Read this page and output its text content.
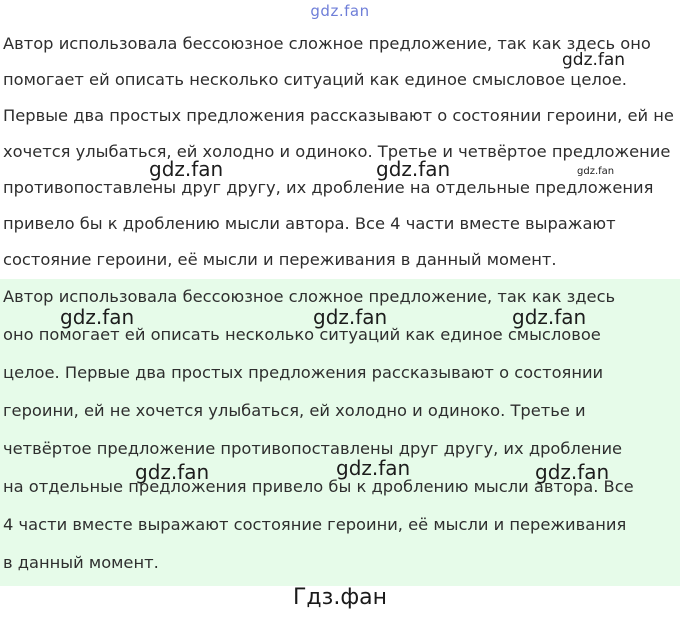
gdz.fan
Автор использовала бессоюзное сложное предложение, так как здесь оно
помогает ей описать несколько ситуаций как единое смысловое целое.
Первые два простых предложения рассказывают о состоянии героини, ей не
хочется улыбаться, ей холодно и одиноко. Третье и четвёртое предложение
противопоставлены друг другу, их дробление на отдельные предложения
привело бы к дроблению мысли автора. Все 4 части вместе выражают
состояние героини, её мысли и переживания в данный момент.
Автор использовала бессоюзное сложное предложение, так как здесь
оно помогает ей описать несколько ситуаций как единое смысловое
целое. Первые два простых предложения рассказывают о состоянии
героини, ей не хочется улыбаться, ей холодно и одиноко. Третье и
четвёртое предложение противопоставлены друг другу, их дробление
на отдельные предложения привело бы к дроблению мысли автора. Все
4 части вместе выражают состояние героини, её мысли и переживания
в данный момент.
gdz.fan
gdz.fan	gdz.fan	gdz.fan
gdz.fan	gdz.fan	gdz.fan
gdz.fan	gdz.fan	gdz.fan
Гдз.фан
